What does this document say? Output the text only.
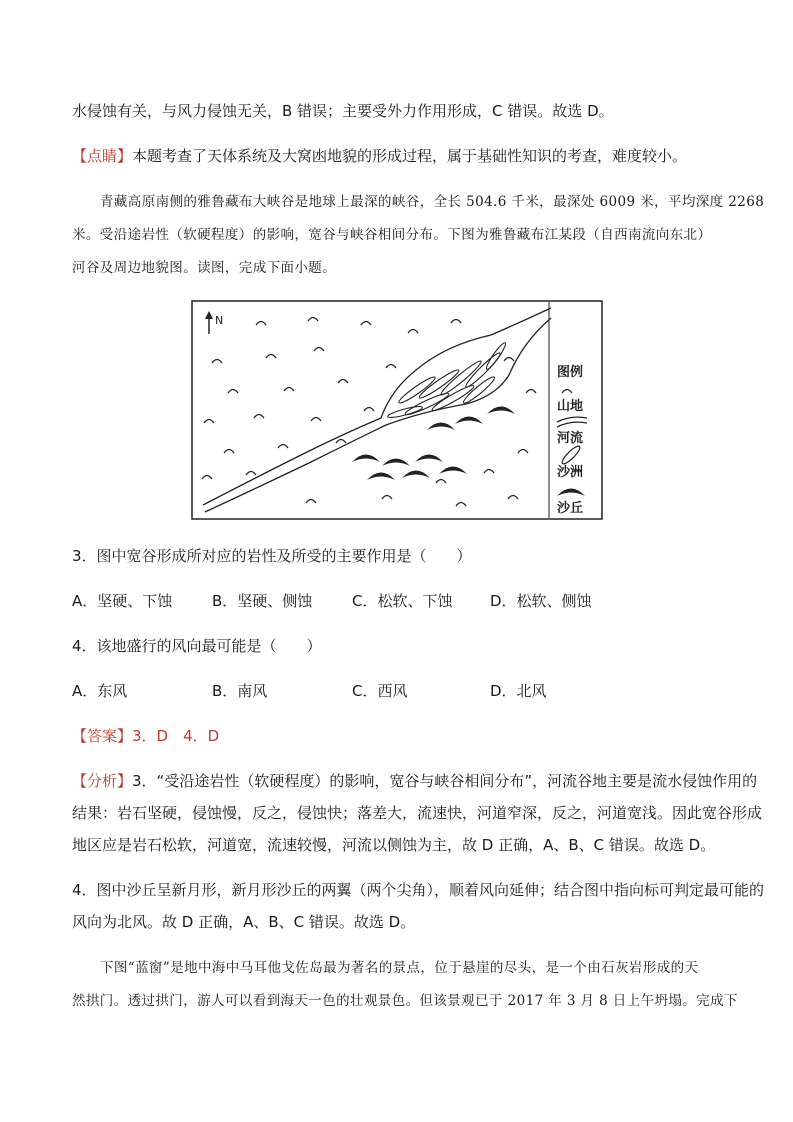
水侵蚀有关，与风力侵蚀无关，B 错误；主要受外力作用形成，C 错误。故选 D。
【点睛】本题考查了天体系统及大窝凼地貌的形成过程，属于基础性知识的考查，难度较小。
青藏高原南侧的雅鲁藏布大峡谷是地球上最深的峡谷，全长 504.6 千米，最深处 6009 米，平均深度 2268
米。受沿途岩性（软硬程度）的影响，宽谷与峡谷相间分布。下图为雅鲁藏布江某段（自西南流向东北）
河谷及周边地貌图。读图，完成下面小题。
N
图例
山地
河流
沙洲
沙丘
3．图中宽谷形成所对应的岩性及所受的主要作用是（　　）
A．坚硬、下蚀	B．坚硬、侧蚀	C．松软、下蚀	D．松软、侧蚀
4．该地盛行的风向最可能是（　　）
A．东风	B．南风	C．西风	D．北风
【答案】3．D　4．D
【分析】3．“受沿途岩性（软硬程度）的影响，宽谷与峡谷相间分布”，河流谷地主要是流水侵蚀作用的
结果：岩石坚硬，侵蚀慢，反之，侵蚀快；落差大，流速快，河道窄深，反之，河道宽浅。因此宽谷形成
地区应是岩石松软，河道宽，流速较慢，河流以侧蚀为主，故 D 正确，A、B、C 错误。故选 D。
4．图中沙丘呈新月形，新月形沙丘的两翼（两个尖角），顺着风向延伸；结合图中指向标可判定最可能的
风向为北风。故 D 正确，A、B、C 错误。故选 D。
下图“蓝窗”是地中海中马耳他戈佐岛最为著名的景点，位于悬崖的尽头，是一个由石灰岩形成的天
然拱门。透过拱门，游人可以看到海天一色的壮观景色。但该景观已于 2017 年 3 月 8 日上午坍塌。完成下
